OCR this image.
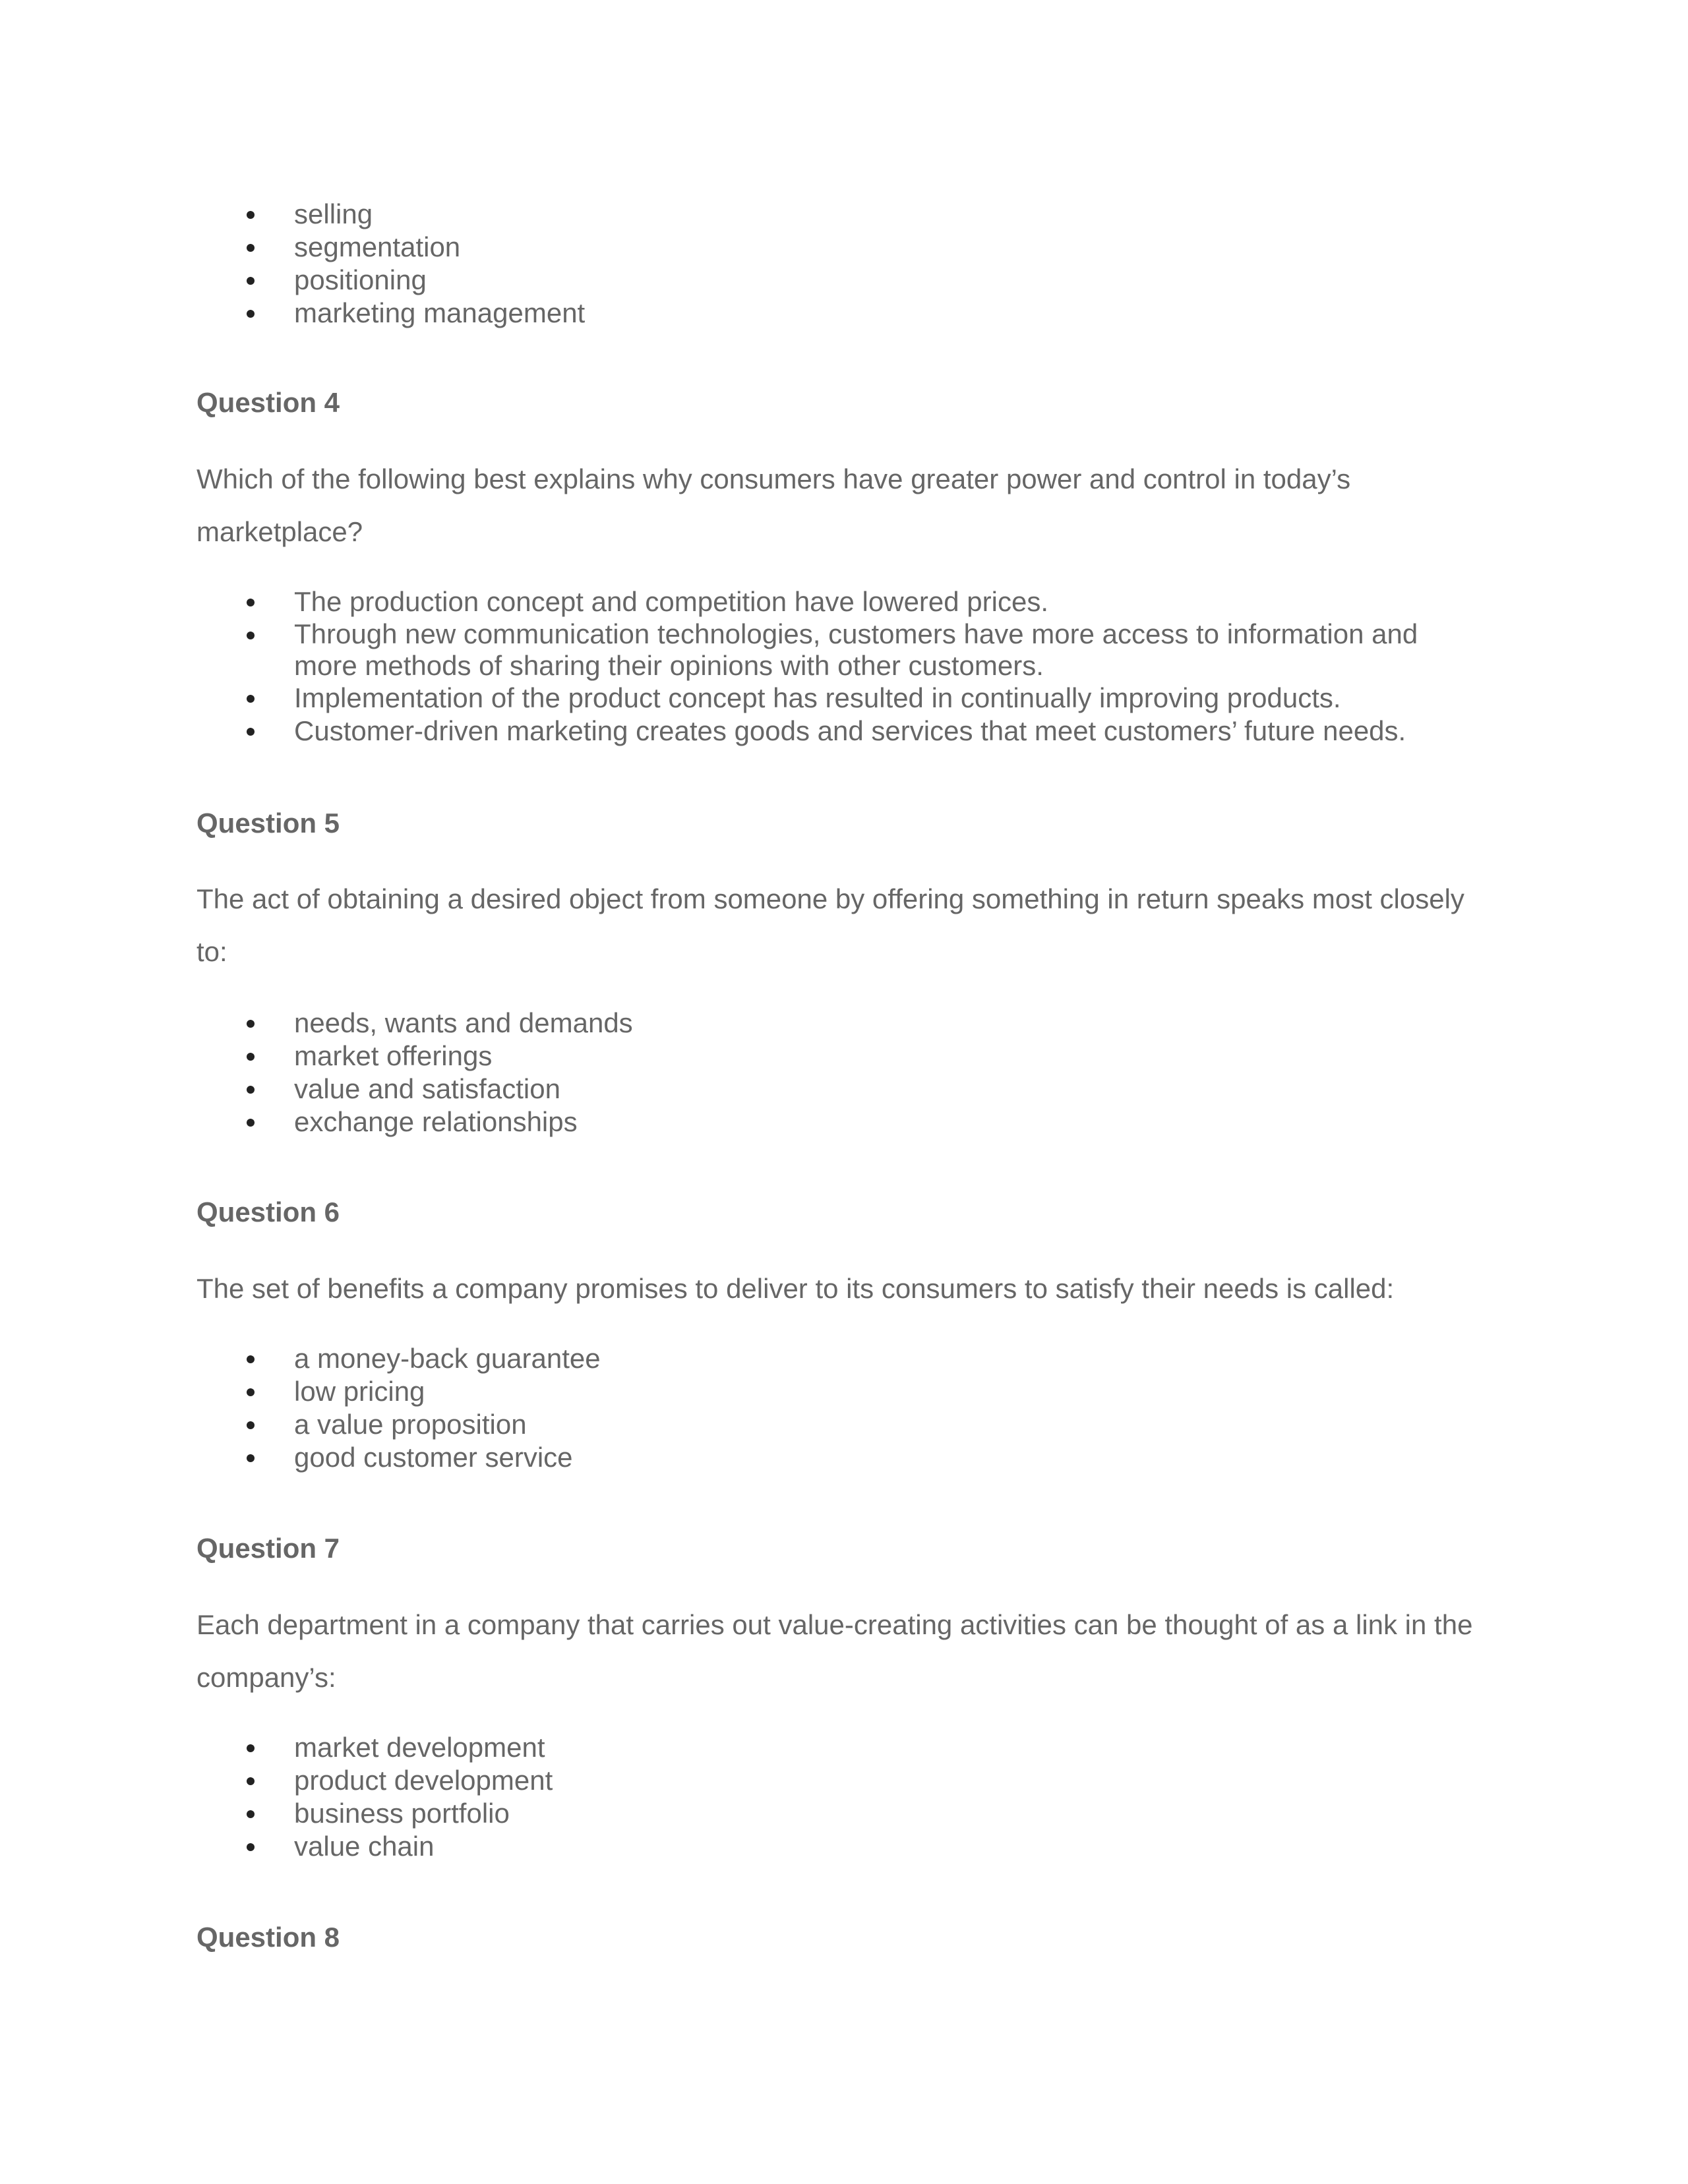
selling
segmentation
positioning
marketing management
Question 4

Which of the following best explains why consumers have greater power and control in today’s marketplace?

The production concept and competition have lowered prices.
Through new communication technologies, customers have more access to information and more methods of sharing their opinions with other customers.
Implementation of the product concept has resulted in continually improving products.
Customer-driven marketing creates goods and services that meet customers’ future needs.
Question 5

The act of obtaining a desired object from someone by offering something in return speaks most closely to:

needs, wants and demands
market offerings
value and satisfaction
exchange relationships
Question 6

The set of benefits a company promises to deliver to its consumers to satisfy their needs is called:

a money-back guarantee
low pricing
a value proposition
good customer service
Question 7

Each department in a company that carries out value-creating activities can be thought of as a link in the company’s:

market development
product development
business portfolio
value chain
Question 8
